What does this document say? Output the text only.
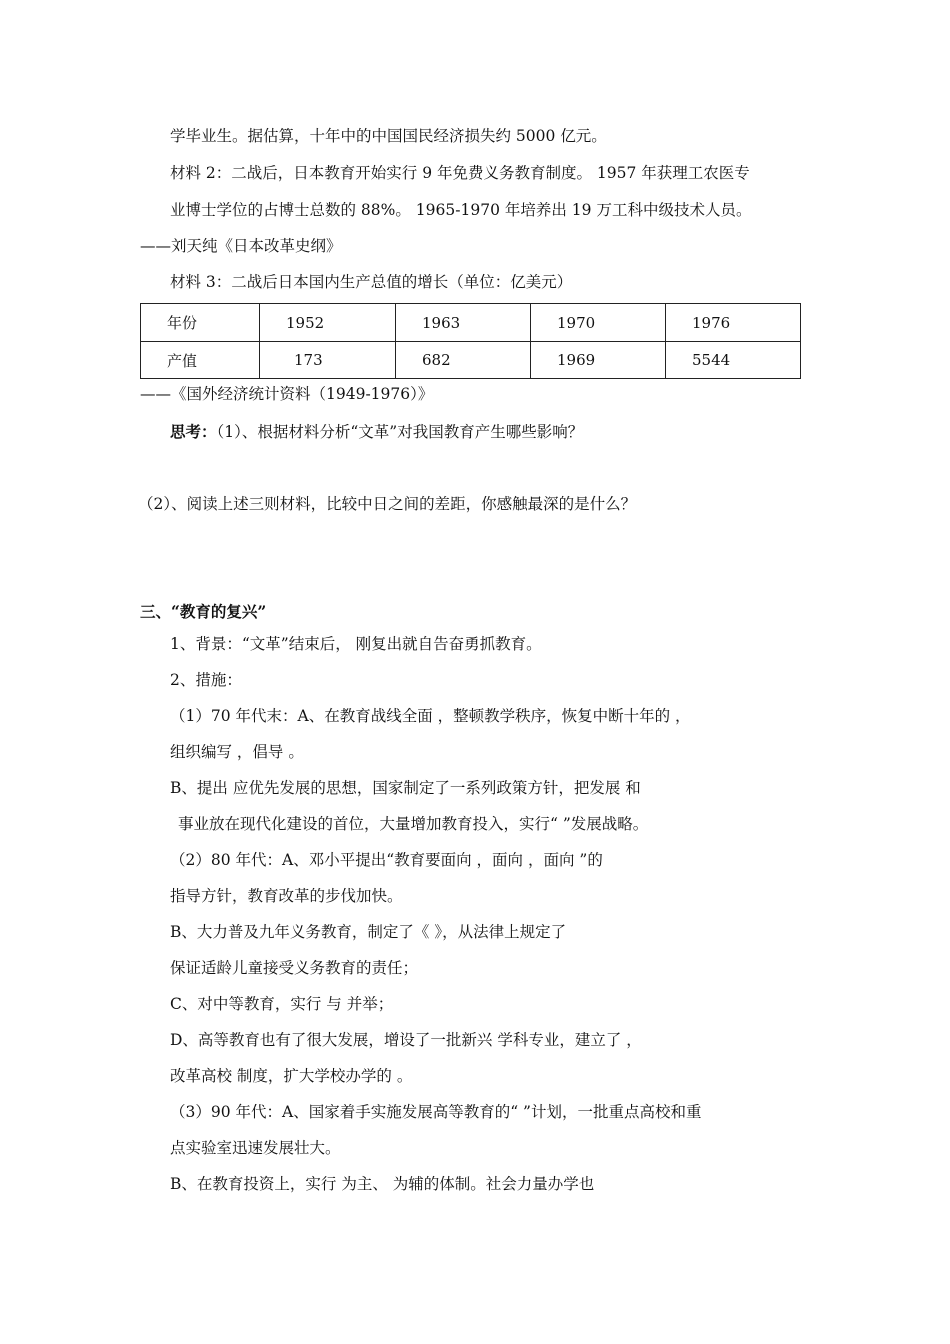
学毕业生。据估算，十年中的中国国民经济损失约 5000 亿元。
材料 2：二战后，日本教育开始实行 9 年免费义务教育制度。 1957 年获理工农医专
业博士学位的占博士总数的 88%。 1965-1970 年培养出 19 万工科中级技术人员。
——刘天纯《日本改革史纲》
材料 3：二战后日本国内生产总值的增长（单位：亿美元）
年份	1952	1963	1970	1976
产值	173	682	1969	5544
——《国外经济统计资料（1949-1976）》
思考：（1）、根据材料分析“文革”对我国教育产生哪些影响？
（2）、阅读上述三则材料，比较中日之间的差距，你感触最深的是什么？
三、“教育的复兴”
1、背景：“文革”结束后， 刚复出就自告奋勇抓教育。
2、措施：
（1）70 年代末：A、在教育战线全面 ，整顿教学秩序，恢复中断十年的 ，
组织编写 ，倡导 。
B、提出 应优先发展的思想，国家制定了一系列政策方针，把发展 和
事业放在现代化建设的首位，大量增加教育投入，实行“ ”发展战略。
（2）80 年代：A、邓小平提出“教育要面向 ，面向 ，面向 ”的
指导方针，教育改革的步伐加快。
B、大力普及九年义务教育，制定了《 》，从法律上规定了
保证适龄儿童接受义务教育的责任；
C、对中等教育，实行 与 并举；
D、高等教育也有了很大发展，增设了一批新兴 学科专业，建立了 ，
改革高校 制度，扩大学校办学的 。
（3）90 年代：A、国家着手实施发展高等教育的“ ”计划，一批重点高校和重
点实验室迅速发展壮大。
B、在教育投资上，实行 为主、 为辅的体制。社会力量办学也
